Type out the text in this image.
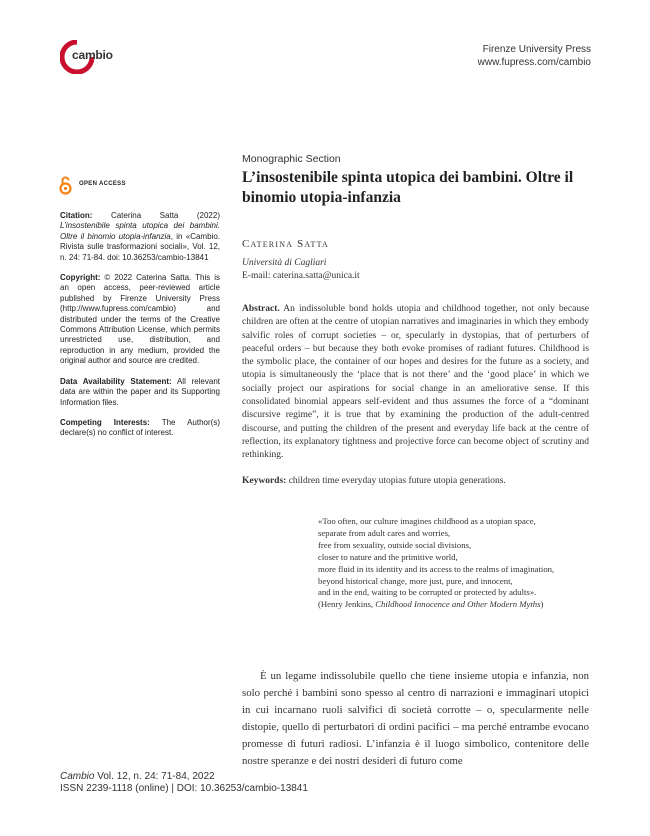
cambio	Firenze University Press
www.fupress.com/cambio
OPEN ACCESS
Citation: Caterina Satta (2022) L’insostenibile spinta utopica dei bambini. Oltre il binomio utopia-infanzia, in «Cambio. Rivista sulle trasformazioni sociali», Vol. 12, n. 24: 71-84. doi: 10.36253/cambio-13841
Copyright: © 2022 Caterina Satta. This is an open access, peer-reviewed article published by Firenze University Press (http://www.fupress.com/cambio) and distributed under the terms of the Creative Commons Attribution License, which permits unrestricted use, distribution, and reproduction in any medium, provided the original author and source are credited.
Data Availability Statement: All relevant data are within the paper and its Supporting Information files.
Competing Interests: The Author(s) declare(s) no conflict of interest.
Monographic Section
L’insostenibile spinta utopica dei bambini. Oltre il binomio utopia-infanzia
Caterina Satta
Università di Cagliari
E-mail: caterina.satta@unica.it
Abstract. An indissoluble bond holds utopia and childhood together, not only because children are often at the centre of utopian narratives and imaginaries in which they embody salvific roles of corrupt societies – or, specularly in dystopias, that of perturbers of peaceful orders – but because they both evoke promises of radiant futures. Childhood is the symbolic place, the container of our hopes and desires for the future as a society, and utopia is simultaneously the ‘place that is not there’ and the ‘good place’ in which we socially project our aspirations for social change in an ameliorative sense. If this consolidated binomial appears self-evident and thus assumes the force of a “dominant discursive regime”, it is true that by examining the production of the adult-centred discourse, and putting the children of the present and everyday life back at the centre of reflection, its explanatory tightness and projective force can become object of scrutiny and rethinking.
Keywords: children time everyday utopias future utopia generations.
«Too often, our culture imagines childhood as a utopian space,
separate from adult cares and worries,
free from sexuality, outside social divisions,
closer to nature and the primitive world,
more fluid in its identity and its access to the realms of imagination,
beyond historical change, more just, pure, and innocent,
and in the end, waiting to be corrupted or protected by adults».
(Henry Jenkins, Childhood Innocence and Other Modern Myths)
È un legame indissolubile quello che tiene insieme utopia e infanzia, non solo perché i bambini sono spesso al centro di narrazioni e immaginari utopici in cui incarnano ruoli salvifici di società corrotte – o, specularmente nelle distopie, quello di perturbatori di ordini pacifici – ma perché entrambe evocano promesse di futuri radiosi. L’infanzia è il luogo simbolico, contenitore delle nostre speranze e dei nostri desideri di futuro come
Cambio Vol. 12, n. 24: 71-84, 2022
ISSN 2239-1118 (online) | DOI: 10.36253/cambio-13841
